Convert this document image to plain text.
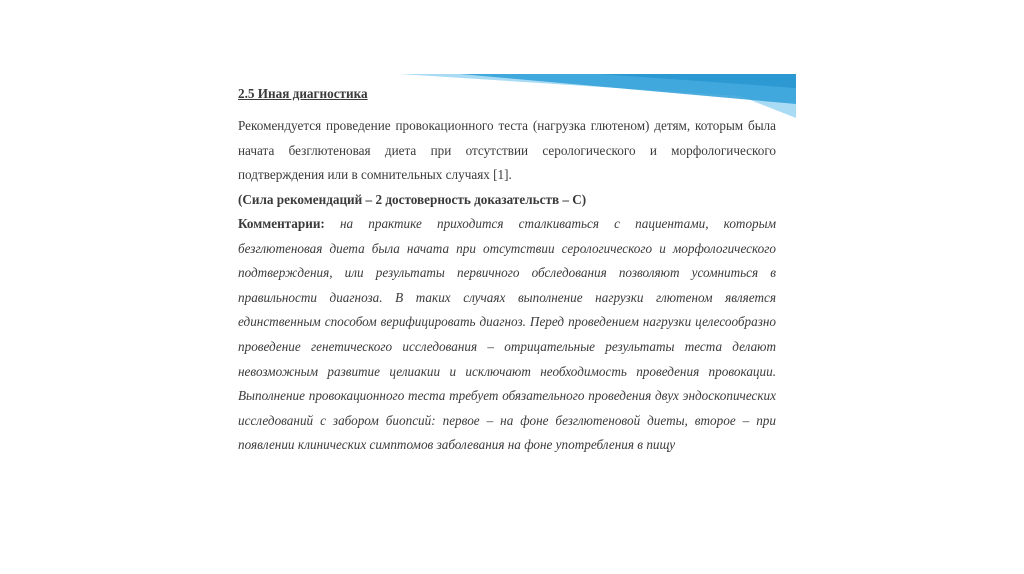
2.5 Иная диагностика

Рекомендуется проведение провокационного теста (нагрузка глютеном) детям, которым была начата безглютеновая диета при отсутствии серологического и морфологического подтверждения или в сомнительных случаях [1].

(Сила рекомендаций – 2 достоверность доказательств – С)

Комментарии: на практике приходится сталкиваться с пациентами, которым безглютеновая диета была начата при отсутствии серологического и морфологического подтверждения, или результаты первичного обследования позволяют усомниться в правильности диагноза. В таких случаях выполнение нагрузки глютеном является единственным способом верифицировать диагноз. Перед проведением нагрузки целесообразно проведение генетического исследования – отрицательные результаты теста делают невозможным развитие целиакии и исключают необходимость проведения провокации. Выполнение провокационного теста требует обязательного проведения двух эндоскопических исследований с забором биопсий: первое – на фоне безглютеновой диеты, второе – при появлении клинических симптомов заболевания на фоне употребления в пищу
